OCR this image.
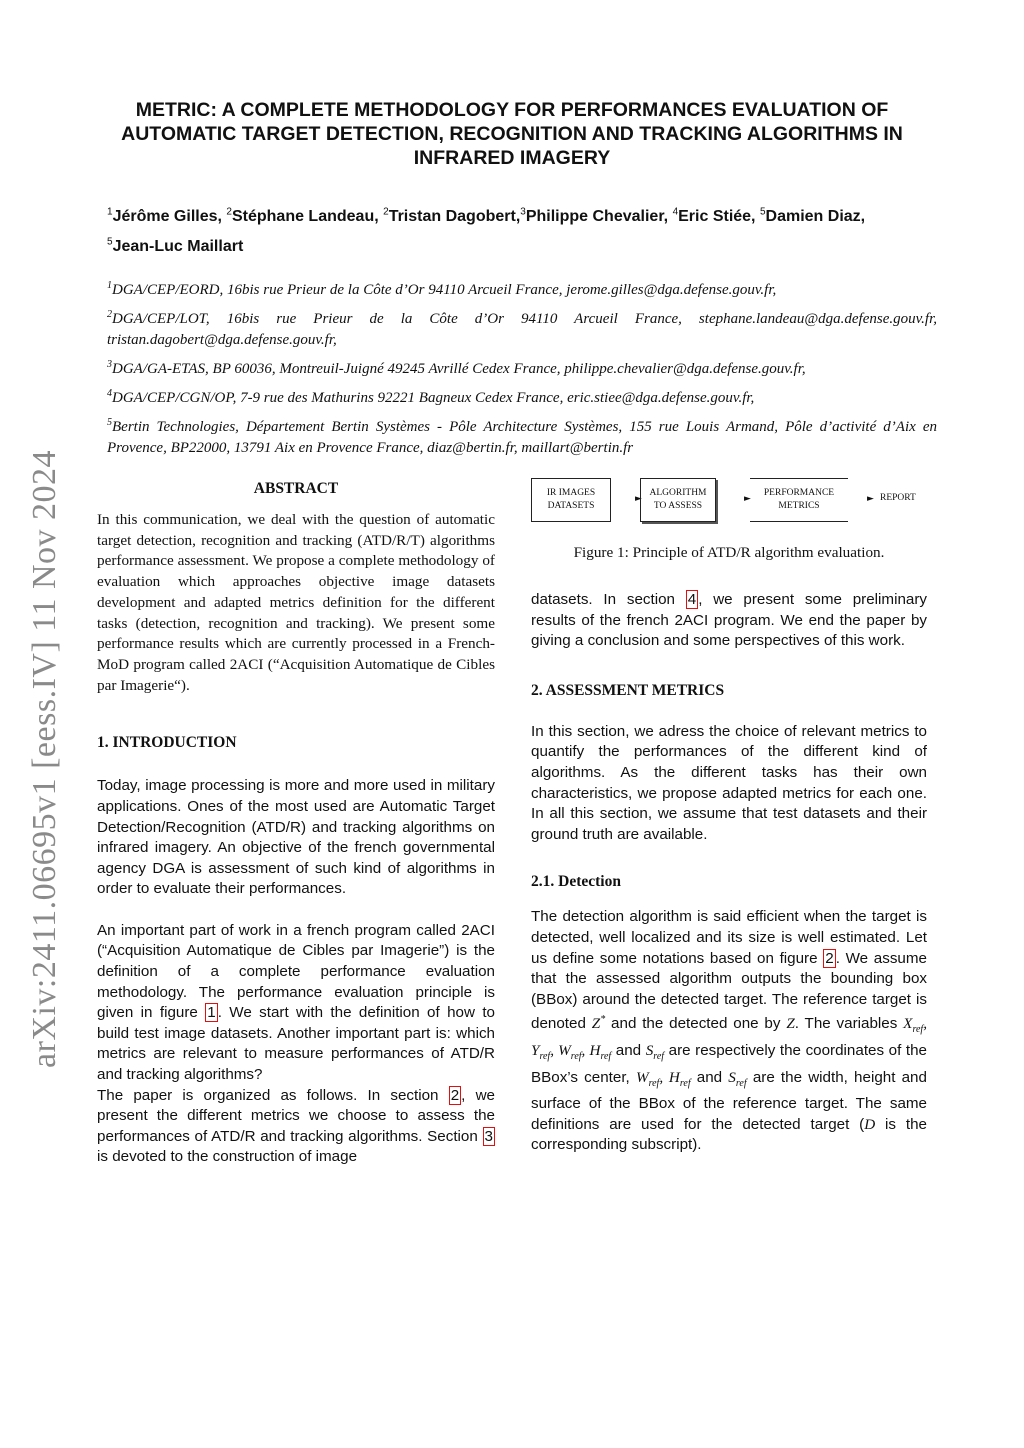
arXiv:2411.06695v1 [eess.IV] 11 Nov 2024
METRIC: A COMPLETE METHODOLOGY FOR PERFORMANCES EVALUATION OF
AUTOMATIC TARGET DETECTION, RECOGNITION AND TRACKING ALGORITHMS IN
INFRARED IMAGERY
$^1$Jérôme Gilles, $^2$Stéphane Landeau, $^2$Tristan Dagobert,$^3$Philippe Chevalier, $^4$Eric Stiée, $^5$Damien Diaz,
$^5$Jean-Luc Maillart

$^1$DGA/CEP/EORD, 16bis rue Prieur de la Côte d’Or 94110 Arcueil France, jerome.gilles@dga.defense.gouv.fr,

$^2$DGA/CEP/LOT, 16bis rue Prieur de la Côte d’Or 94110 Arcueil France, stephane.landeau@dga.defense.gouv.fr, tristan.dagobert@dga.defense.gouv.fr,

$^3$DGA/GA-ETAS, BP 60036, Montreuil-Juigné 49245 Avrillé Cedex France, philippe.chevalier@dga.defense.gouv.fr,

$^4$DGA/CEP/CGN/OP, 7-9 rue des Mathurins 92221 Bagneux Cedex France, eric.stiee@dga.defense.gouv.fr,

$^5$Bertin Technologies, Département Bertin Systèmes - Pôle Architecture Systèmes, 155 rue Louis Armand, Pôle d’activité d’Aix en Provence, BP22000, 13791 Aix en Provence France, diaz@bertin.fr, maillart@bertin.fr

ABSTRACT

In this communication, we deal with the question of automatic target detection, recognition and tracking (ATD/R/T) algorithms performance assessment. We propose a complete methodology of evaluation which approaches objective image datasets development and adapted metrics definition for the different tasks (detection, recognition and tracking). We present some performance results which are currently processed in a French-MoD program called 2ACI (“Acquisition Automatique de Cibles par Imagerie“).

1. INTRODUCTION

Today, image processing is more and more used in military applications. Ones of the most used are Automatic Target Detection/Recognition (ATD/R) and tracking algorithms on infrared imagery. An objective of the french governmental agency DGA is assessment of such kind of algorithms in order to evaluate their performances.

An important part of work in a french program called 2ACI (“Acquisition Automatique de Cibles par Imagerie”) is the definition of a complete performance evaluation methodology. The performance evaluation principle is given in figure 1 . We start with the definition of how to build test image datasets. Another important part is: which metrics are relevant to measure performances of ATD/R and tracking algorithms?

The paper is organized as follows. In section 2 , we present the different metrics we choose to assess the performances of ATD/R and tracking algorithms. Section 3 is devoted to the construction of image

IR IMAGES
DATASETS
►
ALGORITHM
TO ASSESS
►
PERFORMANCE
METRICS
► REPORT

Figure 1: Principle of ATD/R algorithm evaluation.

datasets. In section 4 , we present some preliminary results of the french 2ACI program. We end the paper by giving a conclusion and some perspectives of this work.

2. ASSESSMENT METRICS

In this section, we adress the choice of relevant metrics to quantify the performances of the different kind of algorithms. As the different tasks has their own characteristics, we propose adapted metrics for each one. In all this section, we assume that test datasets and their ground truth are available.

2.1. Detection

The detection algorithm is said efficient when the target is detected, well localized and its size is well estimated. Let us define some notations based on figure 2 . We assume that the assessed algorithm outputs the bounding box (BBox) around the detected target. The reference target is denoted Z* and the detected one by Z. The variables $X_{ref}$, $Y_{ref}$, $W_{ref}$, $H_{ref}$ and $S_{ref}$ are respectively the coordinates of the BBox’s center, $W_{ref}$, $H_{ref}$ and $S_{ref}$ are the width, height and surface of the BBox of the reference target. The same definitions are used for the detected target (D is the corresponding subscript).
